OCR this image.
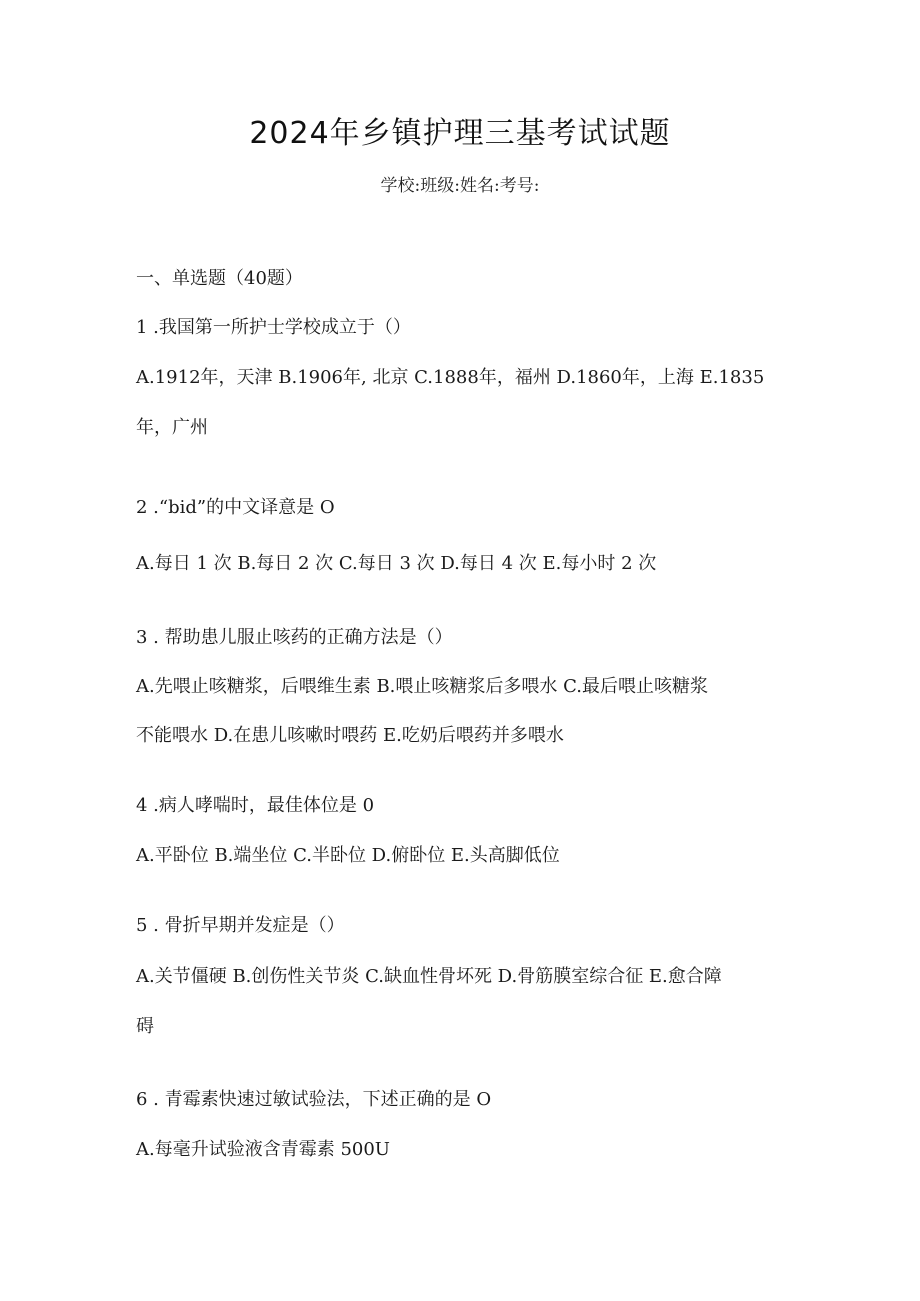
2024年乡镇护理三基考试试题
学校:班级:姓名:考号:
一、单选题（40题）
1 .我国第一所护士学校成立于（）
A.1912年，天津 B.1906年, 北京 C.1888年，福州 D.1860年，上海 E.1835
年，广州
2 .“bid”的中文译意是 O
A.每日 1 次 B.每日 2 次 C.每日 3 次 D.每日 4 次 E.每小时 2 次
3 . 帮助患儿服止咳药的正确方法是（）
A.先喂止咳糖浆，后喂维生素 B.喂止咳糖浆后多喂水 C.最后喂止咳糖浆
不能喂水 D.在患儿咳嗽时喂药 E.吃奶后喂药并多喂水
4 .病人哮喘时，最佳体位是 0
A.平卧位 B.端坐位 C.半卧位 D.俯卧位 E.头高脚低位
5 . 骨折早期并发症是（）
A.关节僵硬 B.创伤性关节炎 C.缺血性骨坏死 D.骨筋膜室综合征 E.愈合障
碍
6 . 青霉素快速过敏试验法，下述正确的是 O
A.每毫升试验液含青霉素 500U
